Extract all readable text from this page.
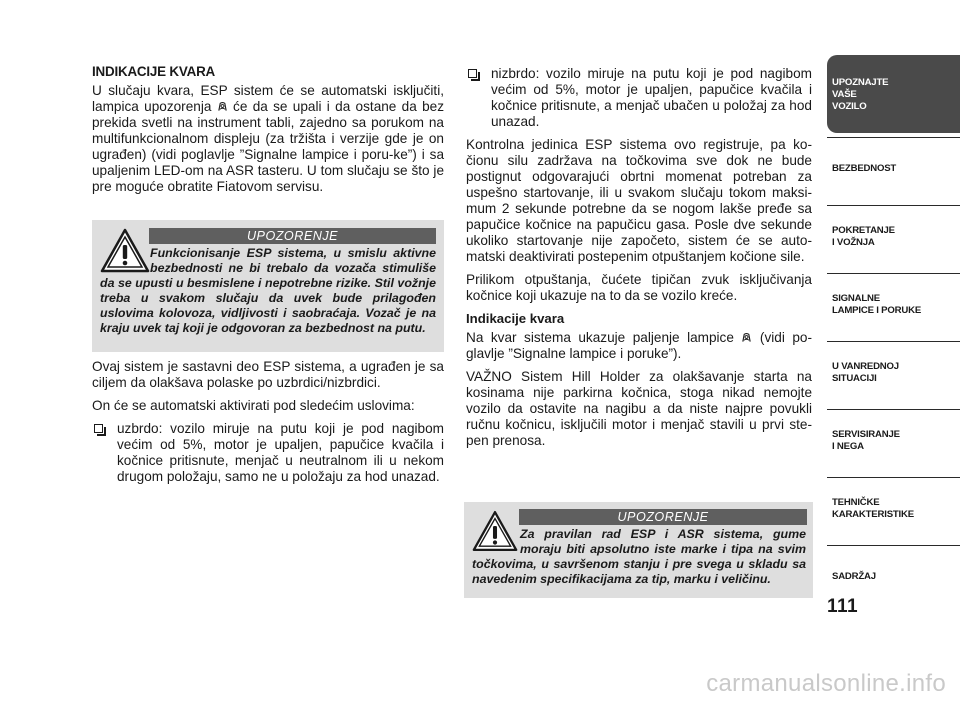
INDIKACIJE KVARA

U slučaju kvara, ESP sistem će se automatski isključiti, lampica upozorenja će da se upali i da ostane da bez prekida svetli na instrument tabli, zajedno sa porukom na multifunkcionalnom displeju (za tržišta i verzije gde je on ugrađen) (vidi poglavlje ”Signalne lampice i poru-ke”) i sa upaljenim LED-om na ASR tasteru. U tom slučaju se što je pre moguće obratite Fiatovom servisu.

Ovaj sistem je sastavni deo ESP sistema, a ugrađen je sa ciljem da olakšava polaske po uzbrdici/nizbrdici.

On će se automatski aktivirati pod sledećim uslovima:

uzbrdo: vozilo miruje na putu koji je pod nagibom većim od 5%, motor je upaljen, papučice kvačila i kočnice pritisnute, menjač u neutralnom ili u nekom drugom položaju, samo ne u položaju za hod unazad.

UPOZORENJE
Funkcionisanje ESP sistema, u smislu aktivne bezbednosti ne bi trebalo da vozača stimuliše da se upusti u besmislene i nepotrebne rizike. Stil vožnje treba u svakom slučaju da uvek bude prilagođen uslovima kolovoza, vidljivosti i saobraćaja. Vozač je na kraju uvek taj koji je odgovoran za bezbednost na putu.

nizbrdo: vozilo miruje na putu koji je pod nagibom većim od 5%, motor je upaljen, papučice kvačila i kočnice pritisnute, a menjač ubačen u položaj za hod unazad.

Kontrolna jedinica ESP sistema ovo registruje, pa ko-čionu silu zadržava na točkovima sve dok ne bude postignut odgovarajući obrtni momenat potreban za uspešno startovanje, ili u svakom slučaju tokom maksi-mum 2 sekunde potrebne da se nogom lakše pređe sa papučice kočnice na papučicu gasa. Posle dve sekunde ukoliko startovanje nije započeto, sistem će se auto-matski deaktivirati postepenim otpuštanjem kočione sile.

Prilikom otpuštanja, čućete tipičan zvuk isključivanja kočnice koji ukazuje na to da se vozilo kreće.

Indikacije kvara

Na kvar sistema ukazuje paljenje lampice (vidi po-glavlje ”Signalne lampice i poruke”).

VAŽNO Sistem Hill Holder za olakšavanje starta na kosinama nije parkirna kočnica, stoga nikad nemojte vozilo da ostavite na nagibu a da niste najpre povukli ručnu kočnicu, isključili motor i menjač stavili u prvi ste-pen prenosa.

UPOZORENJE
Za pravilan rad ESP i ASR sistema, gume moraju biti apsolutno iste marke i tipa na svim točkovima, u savršenom stanju i pre svega u skladu sa navedenim specifikacijama za tip, marku i veličinu.
UPOZNAJTE
VAŠE
VOZILO
BEZBEDNOST
POKRETANJE
I VOŽNJA
SIGNALNE
LAMPICE I PORUKE
U VANREDNOJ
SITUACIJI
SERVISIRANJE
I NEGA
TEHNIČKE
KARAKTERISTIKE
SADRŽAJ
111
carmanualsonline.info
